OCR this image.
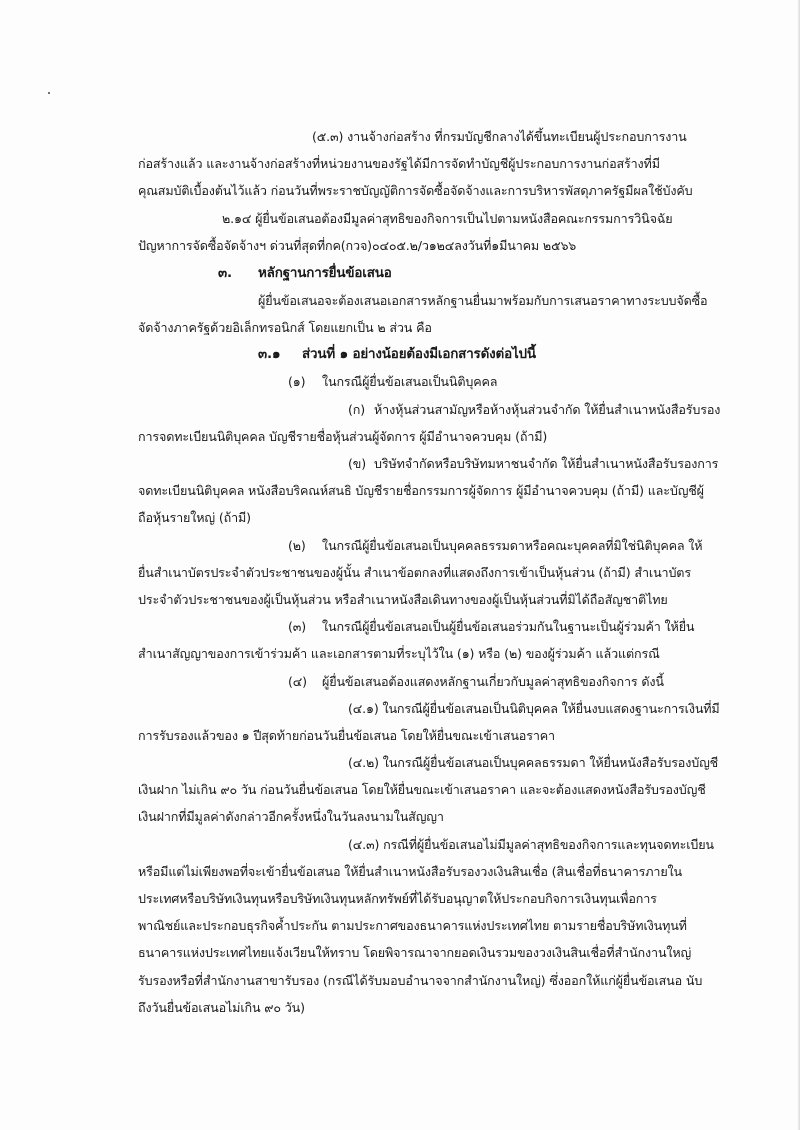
(๕.๓) งานจ้างก่อสร้าง ที่กรมบัญชีกลางได้ขึ้นทะเบียนผู้ประกอบการงาน
ก่อสร้างแล้ว และงานจ้างก่อสร้างที่หน่วยงานของรัฐได้มีการจัดทำบัญชีผู้ประกอบการงานก่อสร้างที่มี
คุณสมบัติเบื้องต้นไว้แล้ว ก่อนวันที่พระราชบัญญัติการจัดซื้อจัดจ้างและการบริหารพัสดุภาครัฐมีผลใช้บังคับ
๒.๑๔ ผู้ยื่นข้อเสนอต้องมีมูลค่าสุทธิของกิจการเป็นไปตามหนังสือคณะกรรมการวินิจฉัย
ปัญหาการจัดซื้อจัดจ้างฯ ด่วนที่สุดที่กค(กวจ)๐๔๐๕.๒/ว๑๒๔ลงวันที่๑มีนาคม ๒๕๖๖
๓. หลักฐานการยื่นข้อเสนอ
ผู้ยื่นข้อเสนอจะต้องเสนอเอกสารหลักฐานยื่นมาพร้อมกับการเสนอราคาทางระบบจัดซื้อ
จัดจ้างภาครัฐด้วยอิเล็กทรอนิกส์ โดยแยกเป็น ๒ ส่วน คือ
๓.๑ ส่วนที่ ๑ อย่างน้อยต้องมีเอกสารดังต่อไปนี้
(๑) ในกรณีผู้ยื่นข้อเสนอเป็นนิติบุคคล
(ก) ห้างหุ้นส่วนสามัญหรือห้างหุ้นส่วนจำกัด ให้ยื่นสำเนาหนังสือรับรอง
การจดทะเบียนนิติบุคคล บัญชีรายชื่อหุ้นส่วนผู้จัดการ ผู้มีอำนาจควบคุม (ถ้ามี)
(ข) บริษัทจำกัดหรือบริษัทมหาชนจำกัด ให้ยื่นสำเนาหนังสือรับรองการ
จดทะเบียนนิติบุคคล หนังสือบริคณห์สนธิ บัญชีรายชื่อกรรมการผู้จัดการ ผู้มีอำนาจควบคุม (ถ้ามี) และบัญชีผู้
ถือหุ้นรายใหญ่ (ถ้ามี)
(๒) ในกรณีผู้ยื่นข้อเสนอเป็นบุคคลธรรมดาหรือคณะบุคคลที่มิใช่นิติบุคคล ให้
ยื่นสำเนาบัตรประจำตัวประชาชนของผู้นั้น สำเนาข้อตกลงที่แสดงถึงการเข้าเป็นหุ้นส่วน (ถ้ามี) สำเนาบัตร
ประจำตัวประชาชนของผู้เป็นหุ้นส่วน หรือสำเนาหนังสือเดินทางของผู้เป็นหุ้นส่วนที่มิได้ถือสัญชาติไทย
(๓) ในกรณีผู้ยื่นข้อเสนอเป็นผู้ยื่นข้อเสนอร่วมกันในฐานะเป็นผู้ร่วมค้า ให้ยื่น
สำเนาสัญญาของการเข้าร่วมค้า และเอกสารตามที่ระบุไว้ใน (๑) หรือ (๒) ของผู้ร่วมค้า แล้วแต่กรณี
(๔) ผู้ยื่นข้อเสนอต้องแสดงหลักฐานเกี่ยวกับมูลค่าสุทธิของกิจการ ดังนี้
(๔.๑) ในกรณีผู้ยื่นข้อเสนอเป็นนิติบุคคล ให้ยื่นงบแสดงฐานะการเงินที่มี
การรับรองแล้วของ ๑ ปีสุดท้ายก่อนวันยื่นข้อเสนอ โดยให้ยื่นขณะเข้าเสนอราคา
(๔.๒) ในกรณีผู้ยื่นข้อเสนอเป็นบุคคลธรรมดา ให้ยื่นหนังสือรับรองบัญชี
เงินฝาก ไม่เกิน ๙๐ วัน ก่อนวันยื่นข้อเสนอ โดยให้ยื่นขณะเข้าเสนอราคา และจะต้องแสดงหนังสือรับรองบัญชี
เงินฝากที่มีมูลค่าดังกล่าวอีกครั้งหนึ่งในวันลงนามในสัญญา
(๔.๓) กรณีที่ผู้ยื่นข้อเสนอไม่มีมูลค่าสุทธิของกิจการและทุนจดทะเบียน
หรือมีแต่ไม่เพียงพอที่จะเข้ายื่นข้อเสนอ ให้ยื่นสำเนาหนังสือรับรองวงเงินสินเชื่อ (สินเชื่อที่ธนาคารภายใน
ประเทศหรือบริษัทเงินทุนหรือบริษัทเงินทุนหลักทรัพย์ที่ได้รับอนุญาตให้ประกอบกิจการเงินทุนเพื่อการ
พาณิชย์และประกอบธุรกิจค้ำประกัน ตามประกาศของธนาคารแห่งประเทศไทย ตามรายชื่อบริษัทเงินทุนที่
ธนาคารแห่งประเทศไทยแจ้งเวียนให้ทราบ โดยพิจารณาจากยอดเงินรวมของวงเงินสินเชื่อที่สำนักงานใหญ่
รับรองหรือที่สำนักงานสาขารับรอง (กรณีได้รับมอบอำนาจจากสำนักงานใหญ่) ซึ่งออกให้แก่ผู้ยื่นข้อเสนอ นับ
ถึงวันยื่นข้อเสนอไม่เกิน ๙๐ วัน)
